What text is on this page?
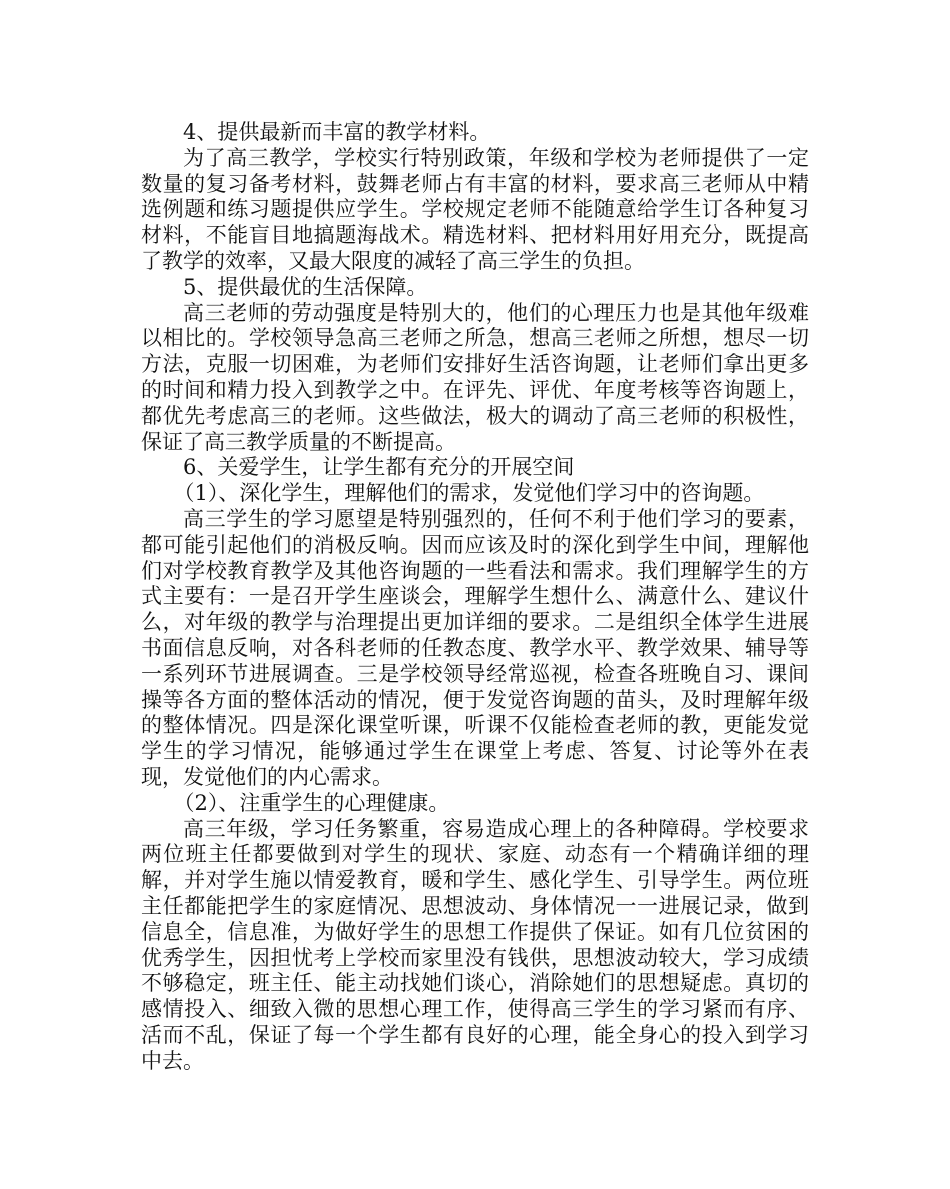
4、提供最新而丰富的教学材料。

为了高三教学，学校实行特别政策，年级和学校为老师提供了一定数量的复习备考材料，鼓舞老师占有丰富的材料，要求高三老师从中精选例题和练习题提供应学生。学校规定老师不能随意给学生订各种复习材料，不能盲目地搞题海战术。精选材料、把材料用好用充分，既提高了教学的效率，又最大限度的减轻了高三学生的负担。

5、提供最优的生活保障。

高三老师的劳动强度是特别大的，他们的心理压力也是其他年级难以相比的。学校领导急高三老师之所急，想高三老师之所想，想尽一切方法，克服一切困难，为老师们安排好生活咨询题，让老师们拿出更多的时间和精力投入到教学之中。在评先、评优、年度考核等咨询题上，都优先考虑高三的老师。这些做法，极大的调动了高三老师的积极性，保证了高三教学质量的不断提高。

6、关爱学生，让学生都有充分的开展空间

（1）、深化学生，理解他们的需求，发觉他们学习中的咨询题。

高三学生的学习愿望是特别强烈的，任何不利于他们学习的要素，都可能引起他们的消极反响。因而应该及时的深化到学生中间，理解他们对学校教育教学及其他咨询题的一些看法和需求。我们理解学生的方式主要有：一是召开学生座谈会，理解学生想什么、满意什么、建议什么，对年级的教学与治理提出更加详细的要求。二是组织全体学生进展书面信息反响，对各科老师的任教态度、教学水平、教学效果、辅导等一系列环节进展调查。三是学校领导经常巡视，检查各班晚自习、课间操等各方面的整体活动的情况，便于发觉咨询题的苗头，及时理解年级的整体情况。四是深化课堂听课，听课不仅能检查老师的教，更能发觉学生的学习情况，能够通过学生在课堂上考虑、答复、讨论等外在表现，发觉他们的内心需求。

（2）、注重学生的心理健康。

高三年级，学习任务繁重，容易造成心理上的各种障碍。学校要求两位班主任都要做到对学生的现状、家庭、动态有一个精确详细的理解，并对学生施以情爱教育，暖和学生、感化学生、引导学生。两位班主任都能把学生的家庭情况、思想波动、身体情况一一进展记录，做到信息全，信息准，为做好学生的思想工作提供了保证。如有几位贫困的优秀学生，因担忧考上学校而家里没有钱供，思想波动较大，学习成绩不够稳定，班主任、能主动找她们谈心，消除她们的思想疑虑。真切的感情投入、细致入微的思想心理工作，使得高三学生的学习紧而有序、活而不乱，保证了每一个学生都有良好的心理，能全身心的投入到学习中去。
